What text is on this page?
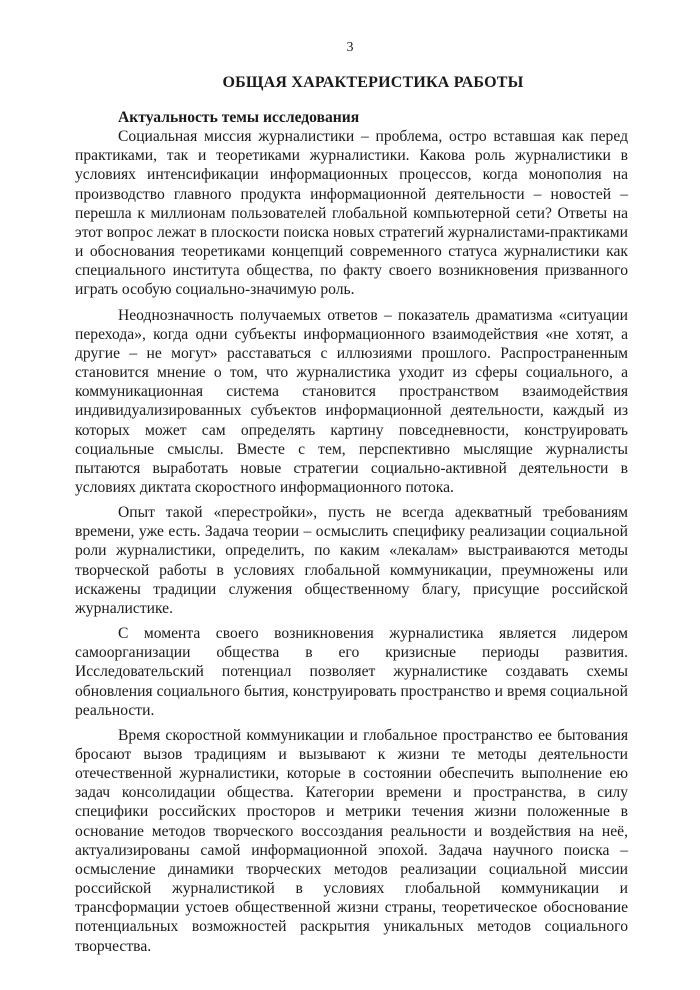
3
ОБЩАЯ ХАРАКТЕРИСТИКА РАБОТЫ
Актуальность темы исследования

Социальная миссия журналистики – проблема, остро вставшая как перед практиками, так и теоретиками журналистики. Какова роль журналистики в условиях интенсификации информационных процессов, когда монополия на производство главного продукта информационной деятельности – новостей – перешла к миллионам пользователей глобальной компьютерной сети? Ответы на этот вопрос лежат в плоскости поиска новых стратегий журналистами-практиками и обоснования теоретиками концепций современного статуса журналистики как специального института общества, по факту своего возникновения призванного играть особую социально-значимую роль.

Неоднозначность получаемых ответов – показатель драматизма «ситуации перехода», когда одни субъекты информационного взаимодействия «не хотят, а другие – не могут» расставаться с иллюзиями прошлого. Распространенным становится мнение о том, что журналистика уходит из сферы социального, а коммуникационная система становится пространством взаимодействия индивидуализированных субъектов информационной деятельности, каждый из которых может сам определять картину повседневности, конструировать социальные смыслы. Вместе с тем, перспективно мыслящие журналисты пытаются выработать новые стратегии социально-активной деятельности в условиях диктата скоростного информационного потока.

Опыт такой «перестройки», пусть не всегда адекватный требованиям времени, уже есть. Задача теории – осмыслить специфику реализации социальной роли журналистики, определить, по каким «лекалам» выстраиваются методы творческой работы в условиях глобальной коммуникации, преумножены или искажены традиции служения общественному благу, присущие российской журналистике.

С момента своего возникновения журналистика является лидером самоорганизации общества в его кризисные периоды развития. Исследовательский потенциал позволяет журналистике создавать схемы обновления социального бытия, конструировать пространство и время социальной реальности.

Время скоростной коммуникации и глобальное пространство ее бытования бросают вызов традициям и вызывают к жизни те методы деятельности отечественной журналистики, которые в состоянии обеспечить выполнение ею задач консолидации общества. Категории времени и пространства, в силу специфики российских просторов и метрики течения жизни положенные в основание методов творческого воссоздания реальности и воздействия на неё, актуализированы самой информационной эпохой. Задача научного поиска – осмысление динамики творческих методов реализации социальной миссии российской журналистикой в условиях глобальной коммуникации и трансформации устоев общественной жизни страны, теоретическое обоснование потенциальных возможностей раскрытия уникальных методов социального творчества.
